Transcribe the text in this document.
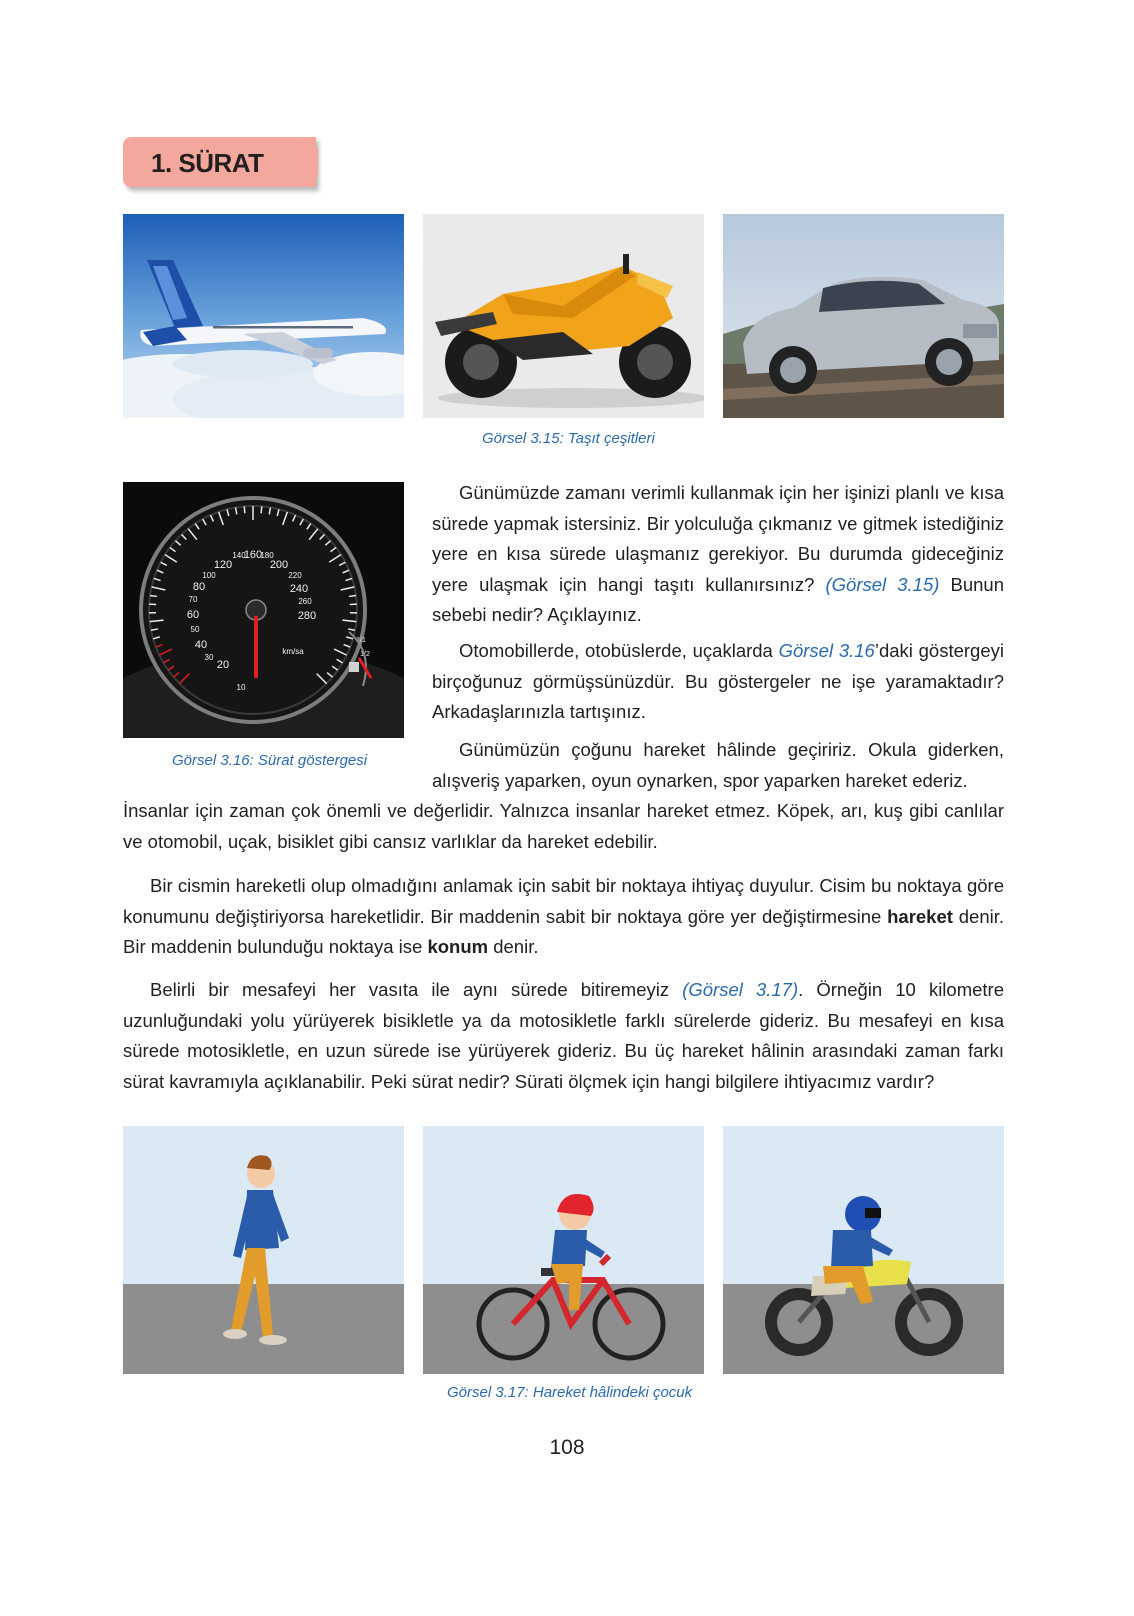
1. SÜRAT
Görsel 3.15: Taşıt çeşitleri
10
20
30
40
50
60
70
80
100
120
140
160
180
200
220
240
260
280
km/sa
1/1
1/2
Görsel 3.16: Sürat göstergesi

Günümüzde zamanı verimli kullanmak için her işinizi planlı ve kısa sürede yapmak istersiniz. Bir yolculuğa çıkmanız ve gitmek istediğiniz yere en kısa sürede ulaşmanız gerekiyor. Bu durumda gideceğiniz yere ulaşmak için hangi taşıtı kullanırsınız? (Görsel 3.15) Bunun sebebi nedir? Açıklayınız.

Otomobillerde, otobüslerde, uçaklarda Görsel 3.16’daki göstergeyi birçoğunuz görmüşsünüzdür. Bu göstergeler ne işe yaramaktadır? Arkadaşlarınızla tartışınız.

Günümüzün çoğunu hareket hâlinde geçiririz. Okula giderken, alışveriş yaparken, oyun oynarken, spor yaparken hareket ederiz.

İnsanlar için zaman çok önemli ve değerlidir. Yalnızca insanlar hareket etmez. Köpek, arı, kuş gibi canlılar ve otomobil, uçak, bisiklet gibi cansız varlıklar da hareket edebilir.

Bir cismin hareketli olup olmadığını anlamak için sabit bir noktaya ihtiyaç duyulur. Cisim bu noktaya göre konumunu değiştiriyorsa hareketlidir. Bir maddenin sabit bir noktaya göre yer değiştirmesine hareket denir. Bir maddenin bulunduğu noktaya ise konum denir.

Belirli bir mesafeyi her vasıta ile aynı sürede bitiremeyiz (Görsel 3.17). Örneğin 10 kilometre uzunluğundaki yolu yürüyerek bisikletle ya da motosikletle farklı sürelerde gideriz. Bu mesafeyi en kısa sürede motosikletle, en uzun sürede ise yürüyerek gideriz. Bu üç hareket hâlinin arasındaki zaman farkı sürat kavramıyla açıklanabilir. Peki sürat nedir? Sürati ölçmek için hangi bilgilere ihtiyacımız vardır?

Görsel 3.17: Hareket hâlindeki çocuk
108
